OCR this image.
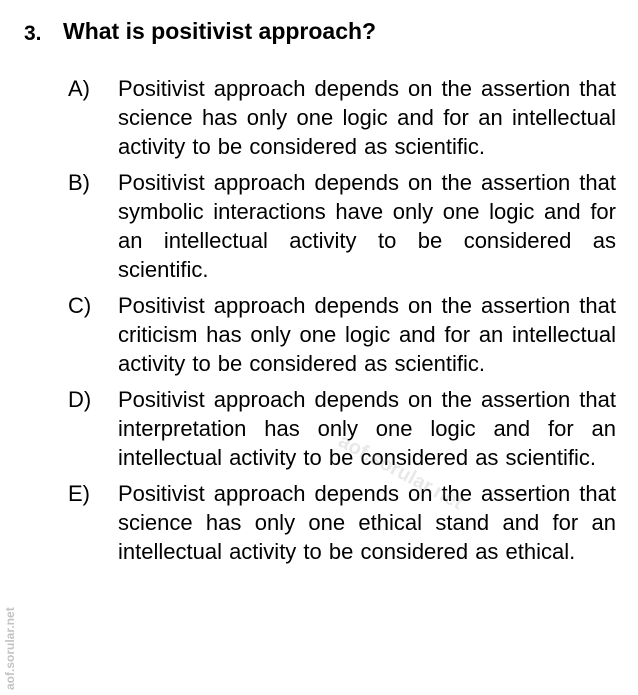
3. What is positivist approach?
A) Positivist approach depends on the assertion that science has only one logic and for an intellectual activity to be considered as scientific.
B) Positivist approach depends on the assertion that symbolic interactions have only one logic and for an intellectual activity to be considered as scientific.
C) Positivist approach depends on the assertion that criticism has only one logic and for an intellectual activity to be considered as scientific.
D) Positivist approach depends on the assertion that interpretation has only one logic and for an intellectual activity to be considered as scientific.
E) Positivist approach depends on the assertion that science has only one ethical stand and for an intellectual activity to be considered as ethical.
aof.sorular.net
aof.sorular.net
